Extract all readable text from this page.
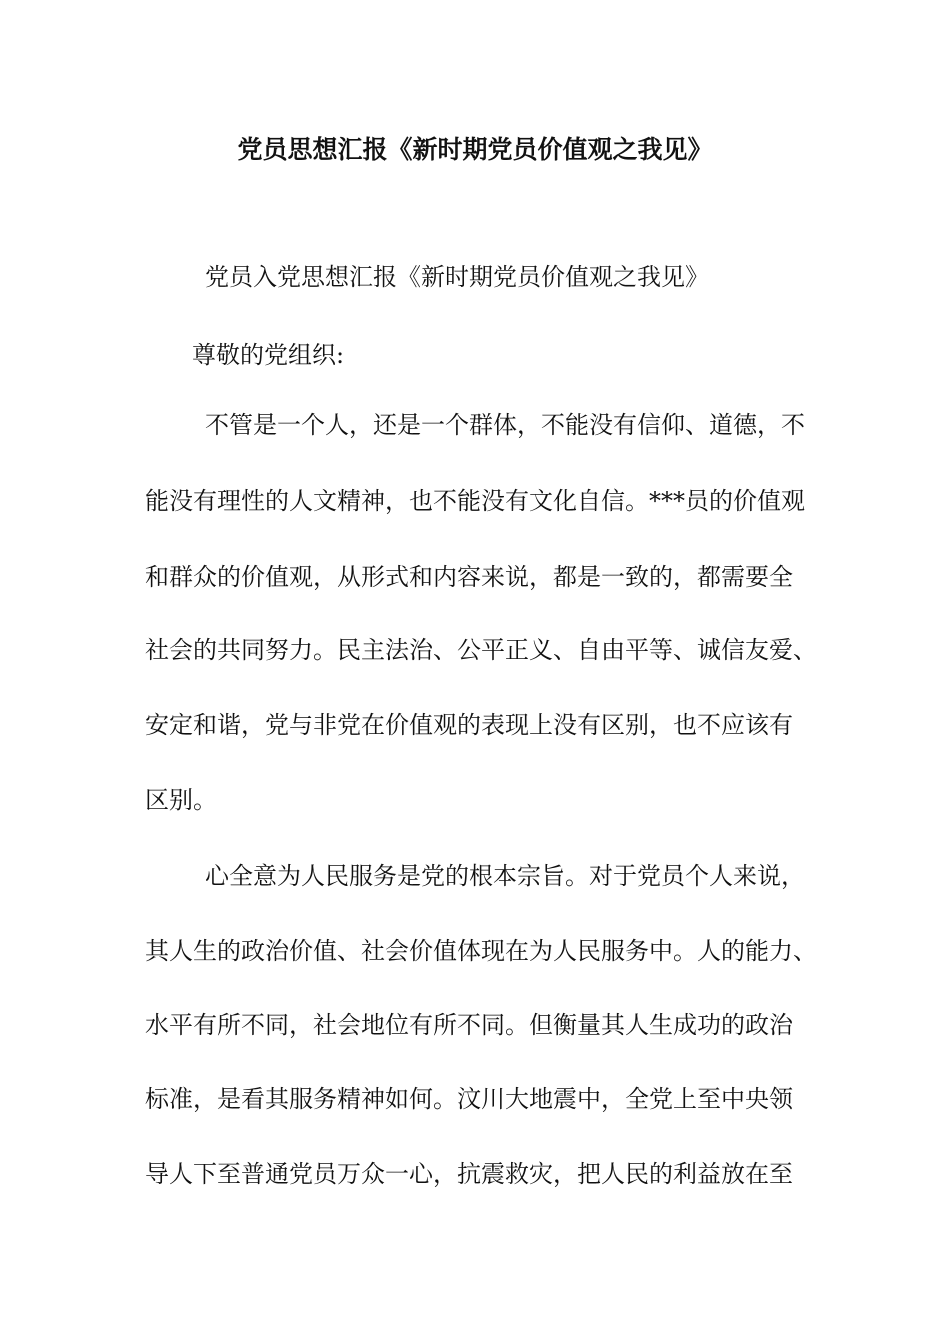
党员思想汇报《新时期党员价值观之我见》
党员入党思想汇报《新时期党员价值观之我见》
尊敬的党组织:
不管是一个人，还是一个群体，不能没有信仰、道德，不
能没有理性的人文精神，也不能没有文化自信。***员的价值观
和群众的价值观，从形式和内容来说，都是一致的，都需要全
社会的共同努力。民主法治、公平正义、自由平等、诚信友爱、
安定和谐，党与非党在价值观的表现上没有区别，也不应该有
区别。
心全意为人民服务是党的根本宗旨。对于党员个人来说，
其人生的政治价值、社会价值体现在为人民服务中。人的能力、
水平有所不同，社会地位有所不同。但衡量其人生成功的政治
标准，是看其服务精神如何。汶川大地震中，全党上至中央领
导人下至普通党员万众一心，抗震救灾，把人民的利益放在至
